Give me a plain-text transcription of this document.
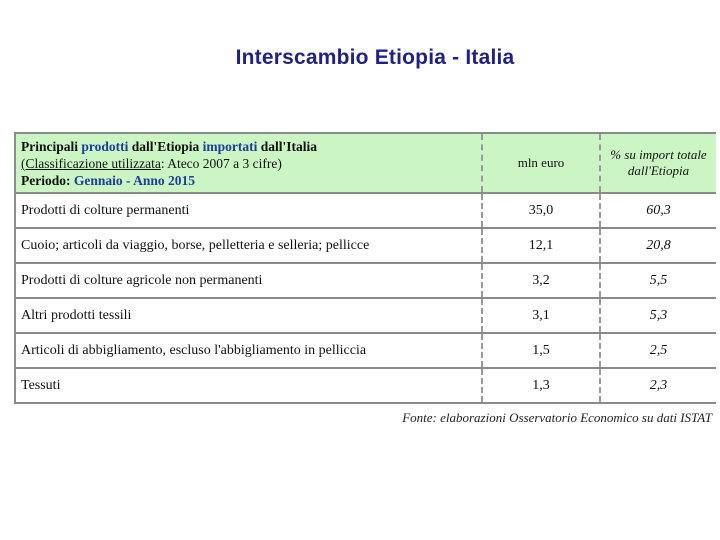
Interscambio Etiopia - Italia
Principali prodotti dall'Etiopia importati dall'Italia
(Classificazione utilizzata: Ateco 2007 a 3 cifre)
Periodo: Gennaio - Anno 2015	mln euro	% su import totale
dall'Etiopia

Prodotti di colture permanenti	35,0	60,3
Cuoio; articoli da viaggio, borse, pelletteria e selleria; pellicce	12,1	20,8
Prodotti di colture agricole non permanenti	3,2	5,5
Altri prodotti tessili	3,1	5,3
Articoli di abbigliamento, escluso l'abbigliamento in pelliccia	1,5	2,5
Tessuti	1,3	2,3
Fonte: elaborazioni Osservatorio Economico su dati ISTAT
